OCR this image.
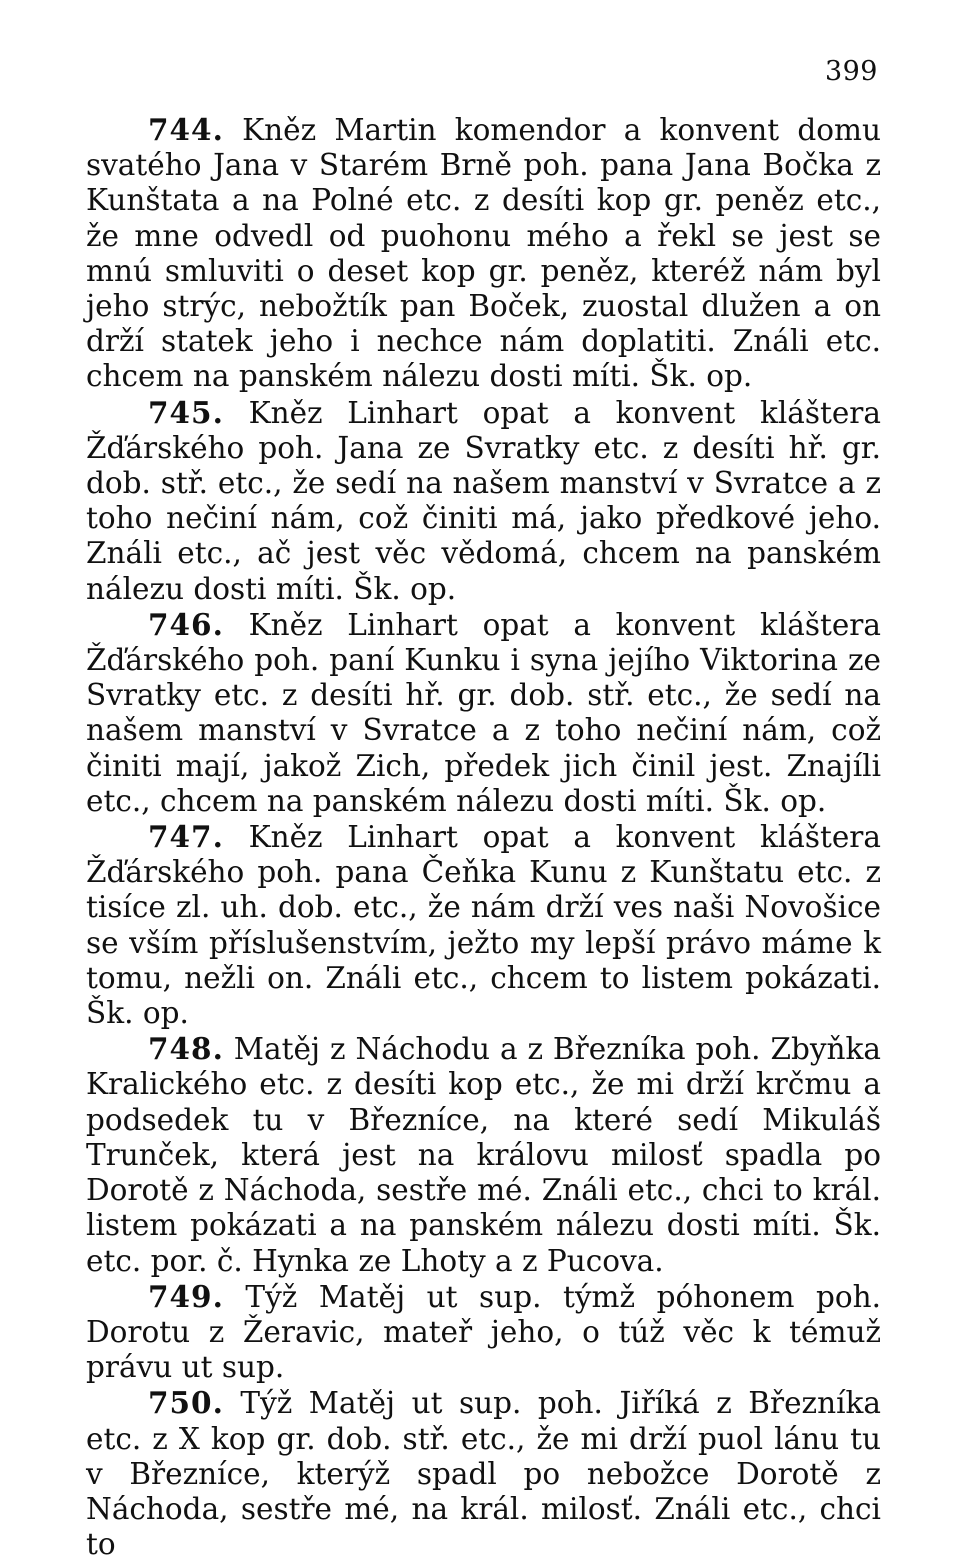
399

744. Kněz Martin komendor a konvent domu svatého Jana v Starém Brně poh. pana Jana Bočka z Kunštata a na Polné etc. z desíti kop gr. peněz etc., že mne odvedl od puohonu mého a řekl se jest se mnú smluviti o deset kop gr. peněz, kteréž nám byl jeho strýc, nebožtík pan Boček, zuostal dlužen a on drží statek jeho i nechce nám doplatiti. Ználi etc. chcem na panském nálezu dosti míti. Šk. op.

745. Kněz Linhart opat a konvent kláštera Žďárského poh. Jana ze Svratky etc. z desíti hř. gr. dob. stř. etc., že sedí na našem manství v Svratce a z toho nečiní nám, což činiti má, jako předkové jeho. Ználi etc., ač jest věc vědomá, chcem na panském nálezu dosti míti. Šk. op.

746. Kněz Linhart opat a konvent kláštera Žďárského poh. paní Kunku i syna jejího Viktorina ze Svratky etc. z desíti hř. gr. dob. stř. etc., že sedí na našem manství v Svratce a z toho nečiní nám, což činiti mají, jakož Zich, předek jich činil jest. Znajíli etc., chcem na panském nálezu dosti míti. Šk. op.

747. Kněz Linhart opat a konvent kláštera Žďárského poh. pana Čeňka Kunu z Kunštatu etc. z tisíce zl. uh. dob. etc., že nám drží ves naši Novošice se vším příslušenstvím, ježto my lepší právo máme k tomu, nežli on. Ználi etc., chcem to listem pokázati. Šk. op.

748. Matěj z Náchodu a z Březníka poh. Zbyňka Kralického etc. z desíti kop etc., že mi drží krčmu a podsedek tu v Březníce, na které sedí Mikuláš Trunček, která jest na královu milosť spadla po Dorotě z Náchoda, sestře mé. Ználi etc., chci to král. listem pokázati a na panském nálezu dosti míti. Šk. etc. por. č. Hynka ze Lhoty a z Pucova.

749. Týž Matěj ut sup. týmž póhonem poh. Dorotu z Žeravic, mateř jeho, o túž věc k témuž právu ut sup.

750. Týž Matěj ut sup. poh. Jiříká z Březníka etc. z X kop gr. dob. stř. etc., že mi drží puol lánu tu v Březníce, kterýž spadl po nebožce Dorotě z Náchoda, sestře mé, na král. milosť. Ználi etc., chci to
